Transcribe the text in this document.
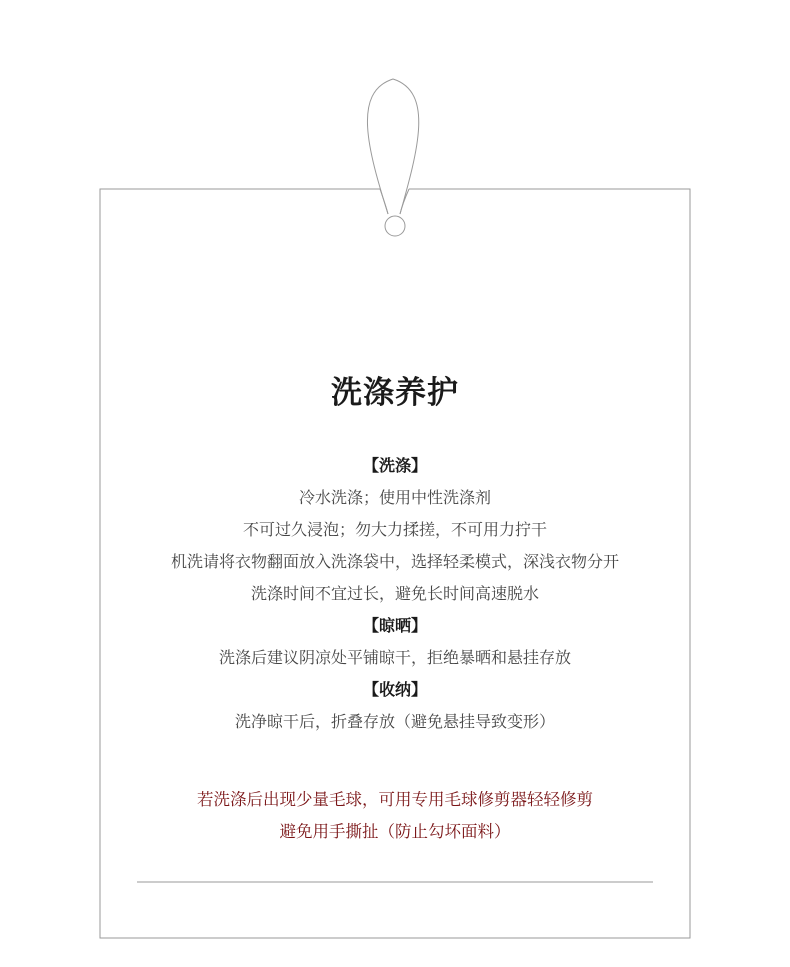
洗涤养护
【洗涤】
冷水洗涤；使用中性洗涤剂
不可过久浸泡；勿大力揉搓，不可用力拧干
机洗请将衣物翻面放入洗涤袋中，选择轻柔模式，深浅衣物分开
洗涤时间不宜过长，避免长时间高速脱水
【晾晒】
洗涤后建议阴凉处平铺晾干，拒绝暴晒和悬挂存放
【收纳】
洗净晾干后，折叠存放（避免悬挂导致变形）
若洗涤后出现少量毛球，可用专用毛球修剪器轻轻修剪
避免用手撕扯（防止勾坏面料）
